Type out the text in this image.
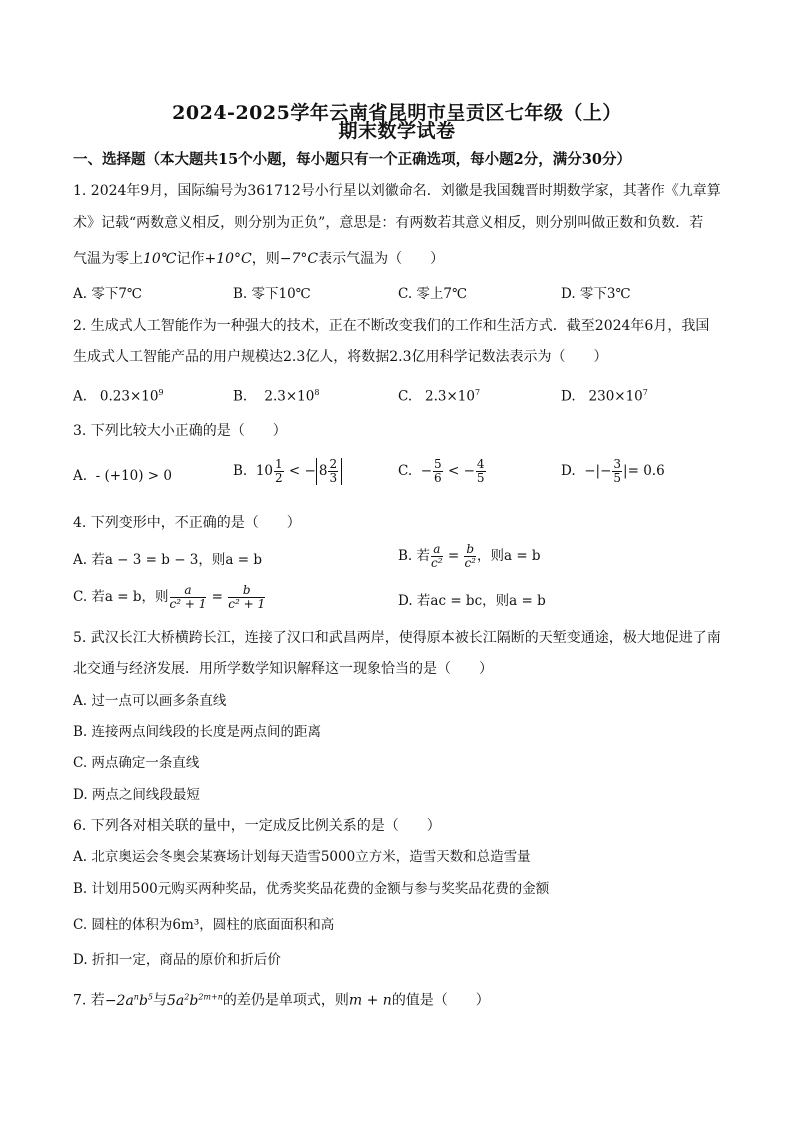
2024-2025学年云南省昆明市呈贡区七年级（上）
期末数学试卷
一、选择题（本大题共15个小题，每小题只有一个正确选项，每小题2分，满分30分）
1. 2024年9月，国际编号为361712号小行星以刘徽命名．刘徽是我国魏晋时期数学家，其著作《九章算
术》记载“两数意义相反，则分别为正负”，意思是：有两数若其意义相反，则分别叫做正数和负数．若
气温为零上10℃记作+10°C，则−7°C表示气温为（　　）
A. 零下7℃	B. 零下10℃	C. 零上7℃	D. 零下3℃
2. 生成式人工智能作为一种强大的技术，正在不断改变我们的工作和生活方式．截至2024年6月，我国
生成式人工智能产品的用户规模达2.3亿人，将数据2.3亿用科学记数法表示为（　　）
A. $0.23\times 10^9$	B. $2.3\times 10^8$	C. $2.3\times 10^7$	D. $230\times 10^7$
3. 下列比较大小正确的是（　　）
A. - (+10) > 0	B. $10 \frac{1}{2}$ < − $8 \frac{2}{3}$	C. − $\frac{5}{6}$ < − $\frac{4}{5}$	D. −|− $\frac{3}{5}$ |= 0.6
4. 下列变形中，不正确的是（　　）
A. 若a − 3 = b − 3，则a = b	B. 若 $\frac{a}{\text{c²}} = \frac{b}{\text{c²}}$ ，则a = b
C. 若a = b，则 $\frac{a}{\text{c² + 1}} = \frac{b}{\text{c² + 1}}$	D. 若ac = bc，则a = b
5. 武汉长江大桥横跨长江，连接了汉口和武昌两岸，使得原本被长江隔断的天堑变通途，极大地促进了南
北交通与经济发展．用所学数学知识解释这一现象恰当的是（　　）
A. 过一点可以画多条直线
B. 连接两点间线段的长度是两点间的距离
C. 两点确定一条直线
D. 两点之间线段最短
6. 下列各对相关联的量中，一定成反比例关系的是（　　）
A. 北京奥运会冬奥会某赛场计划每天造雪5000立方米，造雪天数和总造雪量
B. 计划用500元购买两种奖品，优秀奖奖品花费的金额与参与奖奖品花费的金额
C. 圆柱的体积为6m³，圆柱的底面面积和高
D. 折扣一定，商品的原价和折后价
7. 若$-2a^nb^5$与$5a^2b^{2m+n}$的差仍是单项式，则m + n的值是（　　）
